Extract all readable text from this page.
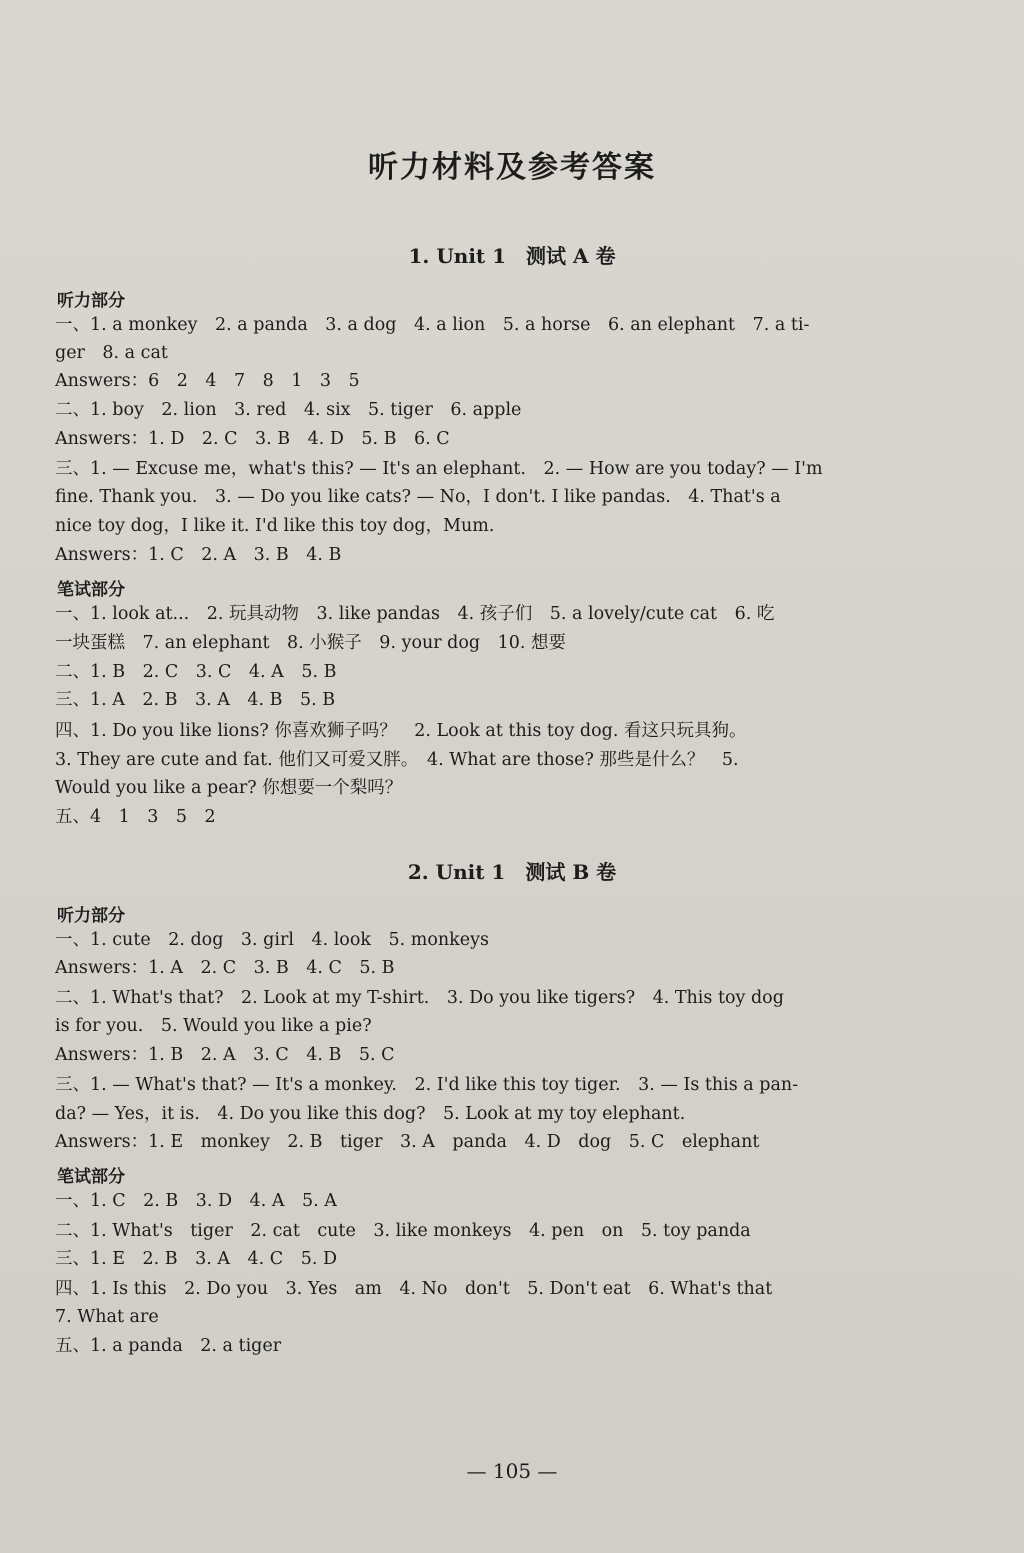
听力材料及参考答案
1. Unit 1　测试 A 卷
听力部分
一、1. a monkey　2. a panda　3. a dog　4. a lion　5. a horse　6. an elephant　7. a ti-
ger　8. a cat
Answers：6　2　4　7　8　1　3　5
二、1. boy　2. lion　3. red　4. six　5. tiger　6. apple
Answers：1. D　2. C　3. B　4. D　5. B　6. C
三、1. — Excuse me，what's this? — It's an elephant.　2. — How are you today? — I'm
fine. Thank you.　3. — Do you like cats? — No，I don't. I like pandas.　4. That's a
nice toy dog，I like it. I'd like this toy dog，Mum.
Answers：1. C　2. A　3. B　4. B
笔试部分
一、1. look at...　2. 玩具动物　3. like pandas　4. 孩子们　5. a lovely/cute cat　6. 吃
一块蛋糕　7. an elephant　8. 小猴子　9. your dog　10. 想要
二、1. B　2. C　3. C　4. A　5. B
三、1. A　2. B　3. A　4. B　5. B
四、1. Do you like lions? 你喜欢狮子吗？　2. Look at this toy dog. 看这只玩具狗。
3. They are cute and fat. 他们又可爱又胖。　4. What are those? 那些是什么？　5.
Would you like a pear? 你想要一个梨吗？
五、4　1　3　5　2
2. Unit 1　测试 B 卷
听力部分
一、1. cute　2. dog　3. girl　4. look　5. monkeys
Answers：1. A　2. C　3. B　4. C　5. B
二、1. What's that?　2. Look at my T-shirt.　3. Do you like tigers?　4. This toy dog
is for you.　5. Would you like a pie?
Answers：1. B　2. A　3. C　4. B　5. C
三、1. — What's that? — It's a monkey.　2. I'd like this toy tiger.　3. — Is this a pan-
da? — Yes，it is.　4. Do you like this dog?　5. Look at my toy elephant.
Answers：1. E　monkey　2. B　tiger　3. A　panda　4. D　dog　5. C　elephant
笔试部分
一、1. C　2. B　3. D　4. A　5. A
二、1. What's　tiger　2. cat　cute　3. like monkeys　4. pen　on　5. toy panda
三、1. E　2. B　3. A　4. C　5. D
四、1. Is this　2. Do you　3. Yes　am　4. No　don't　5. Don't eat　6. What's that
7. What are
五、1. a panda　2. a tiger
— 105 —
